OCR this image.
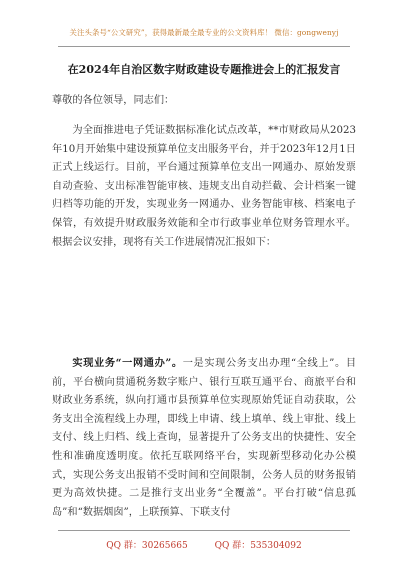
关注头条号“公文研究”，获得最新最全最专业的公文资料库！ 微信：gongwenyj
在2024年自治区数字财政建设专题推进会上的汇报发言

尊敬的各位领导，同志们：

为全面推进电子凭证数据标准化试点改革，**市财政局从2023年10月开始集中建设预算单位支出服务平台，并于2023年12月1日正式上线运行。目前，平台通过预算单位支出一网通办、原始发票自动查验、支出标准智能审核、违规支出自动拦截、会计档案一键归档等功能的开发，实现业务一网通办、业务智能审核、档案电子保管，有效提升财政服务效能和全市行政事业单位财务管理水平。根据会议安排，现将有关工作进展情况汇报如下：

实现业务“一网通办”。一是实现公务支出办理“全线上”。目前，平台横向贯通税务数字账户、银行互联互通平台、商旅平台和财政业务系统，纵向打通市县预算单位实现原始凭证自动获取，公务支出全流程线上办理，即线上申请、线上填单、线上审批、线上支付、线上归档、线上查询，显著提升了公务支出的快捷性、安全性和准确度透明度。依托互联网络平台，实现新型移动化办公模式，实现公务支出报销不受时间和空间限制，公务人员的财务报销更为高效快捷。二是推行支出业务“全覆盖”。平台打破“信息孤岛”和“数据烟囱”，上联预算、下联支付

QQ 群：30265665	QQ 群：535304092
